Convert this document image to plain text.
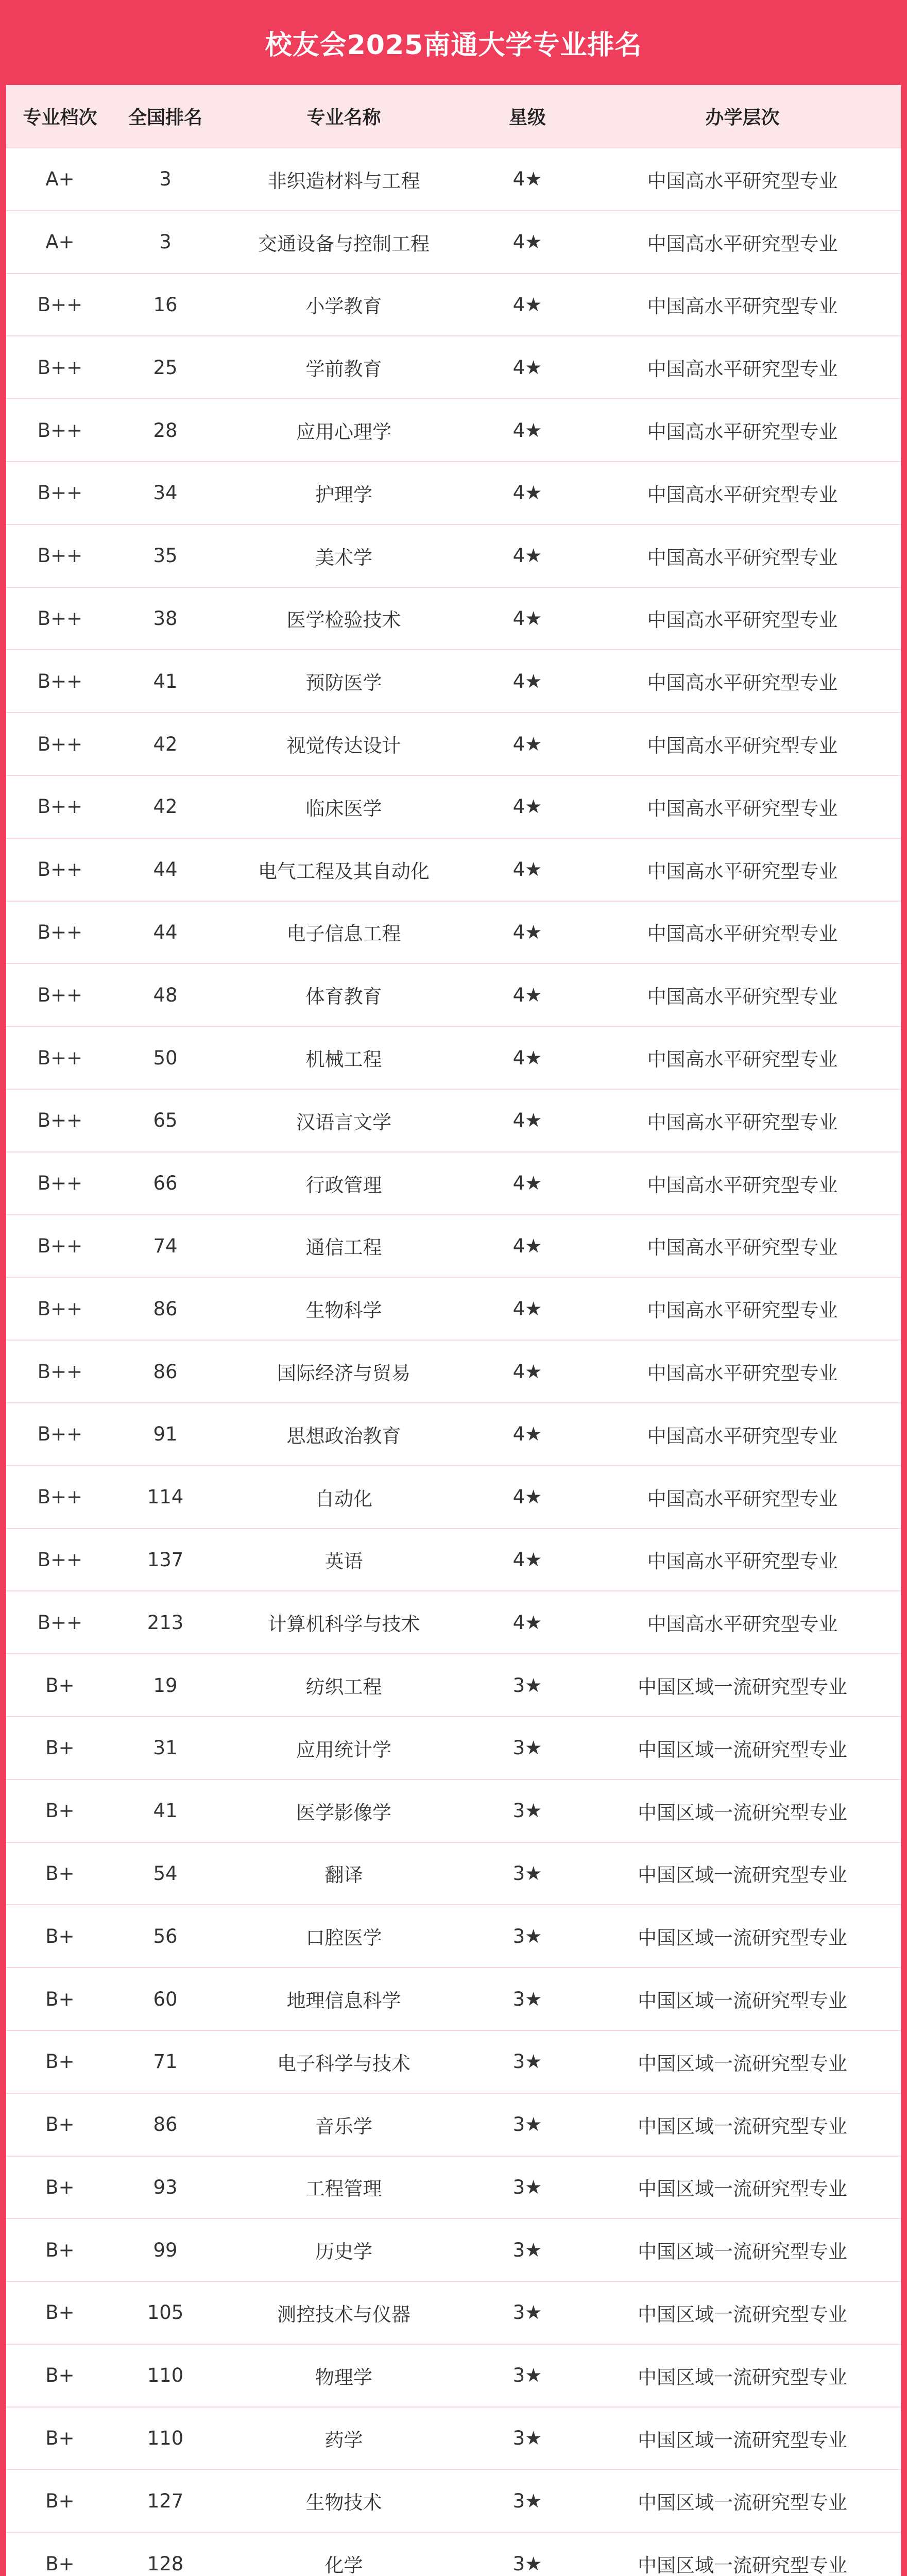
校友会2025南通大学专业排名
专业档次	全国排名	专业名称	星级	办学层次
A+	3	非织造材料与工程	4★	中国高水平研究型专业
A+	3	交通设备与控制工程	4★	中国高水平研究型专业
B++	16	小学教育	4★	中国高水平研究型专业
B++	25	学前教育	4★	中国高水平研究型专业
B++	28	应用心理学	4★	中国高水平研究型专业
B++	34	护理学	4★	中国高水平研究型专业
B++	35	美术学	4★	中国高水平研究型专业
B++	38	医学检验技术	4★	中国高水平研究型专业
B++	41	预防医学	4★	中国高水平研究型专业
B++	42	视觉传达设计	4★	中国高水平研究型专业
B++	42	临床医学	4★	中国高水平研究型专业
B++	44	电气工程及其自动化	4★	中国高水平研究型专业
B++	44	电子信息工程	4★	中国高水平研究型专业
B++	48	体育教育	4★	中国高水平研究型专业
B++	50	机械工程	4★	中国高水平研究型专业
B++	65	汉语言文学	4★	中国高水平研究型专业
B++	66	行政管理	4★	中国高水平研究型专业
B++	74	通信工程	4★	中国高水平研究型专业
B++	86	生物科学	4★	中国高水平研究型专业
B++	86	国际经济与贸易	4★	中国高水平研究型专业
B++	91	思想政治教育	4★	中国高水平研究型专业
B++	114	自动化	4★	中国高水平研究型专业
B++	137	英语	4★	中国高水平研究型专业
B++	213	计算机科学与技术	4★	中国高水平研究型专业
B+	19	纺织工程	3★	中国区域一流研究型专业
B+	31	应用统计学	3★	中国区域一流研究型专业
B+	41	医学影像学	3★	中国区域一流研究型专业
B+	54	翻译	3★	中国区域一流研究型专业
B+	56	口腔医学	3★	中国区域一流研究型专业
B+	60	地理信息科学	3★	中国区域一流研究型专业
B+	71	电子科学与技术	3★	中国区域一流研究型专业
B+	86	音乐学	3★	中国区域一流研究型专业
B+	93	工程管理	3★	中国区域一流研究型专业
B+	99	历史学	3★	中国区域一流研究型专业
B+	105	测控技术与仪器	3★	中国区域一流研究型专业
B+	110	物理学	3★	中国区域一流研究型专业
B+	110	药学	3★	中国区域一流研究型专业
B+	127	生物技术	3★	中国区域一流研究型专业
B+	128	化学	3★	中国区域一流研究型专业
